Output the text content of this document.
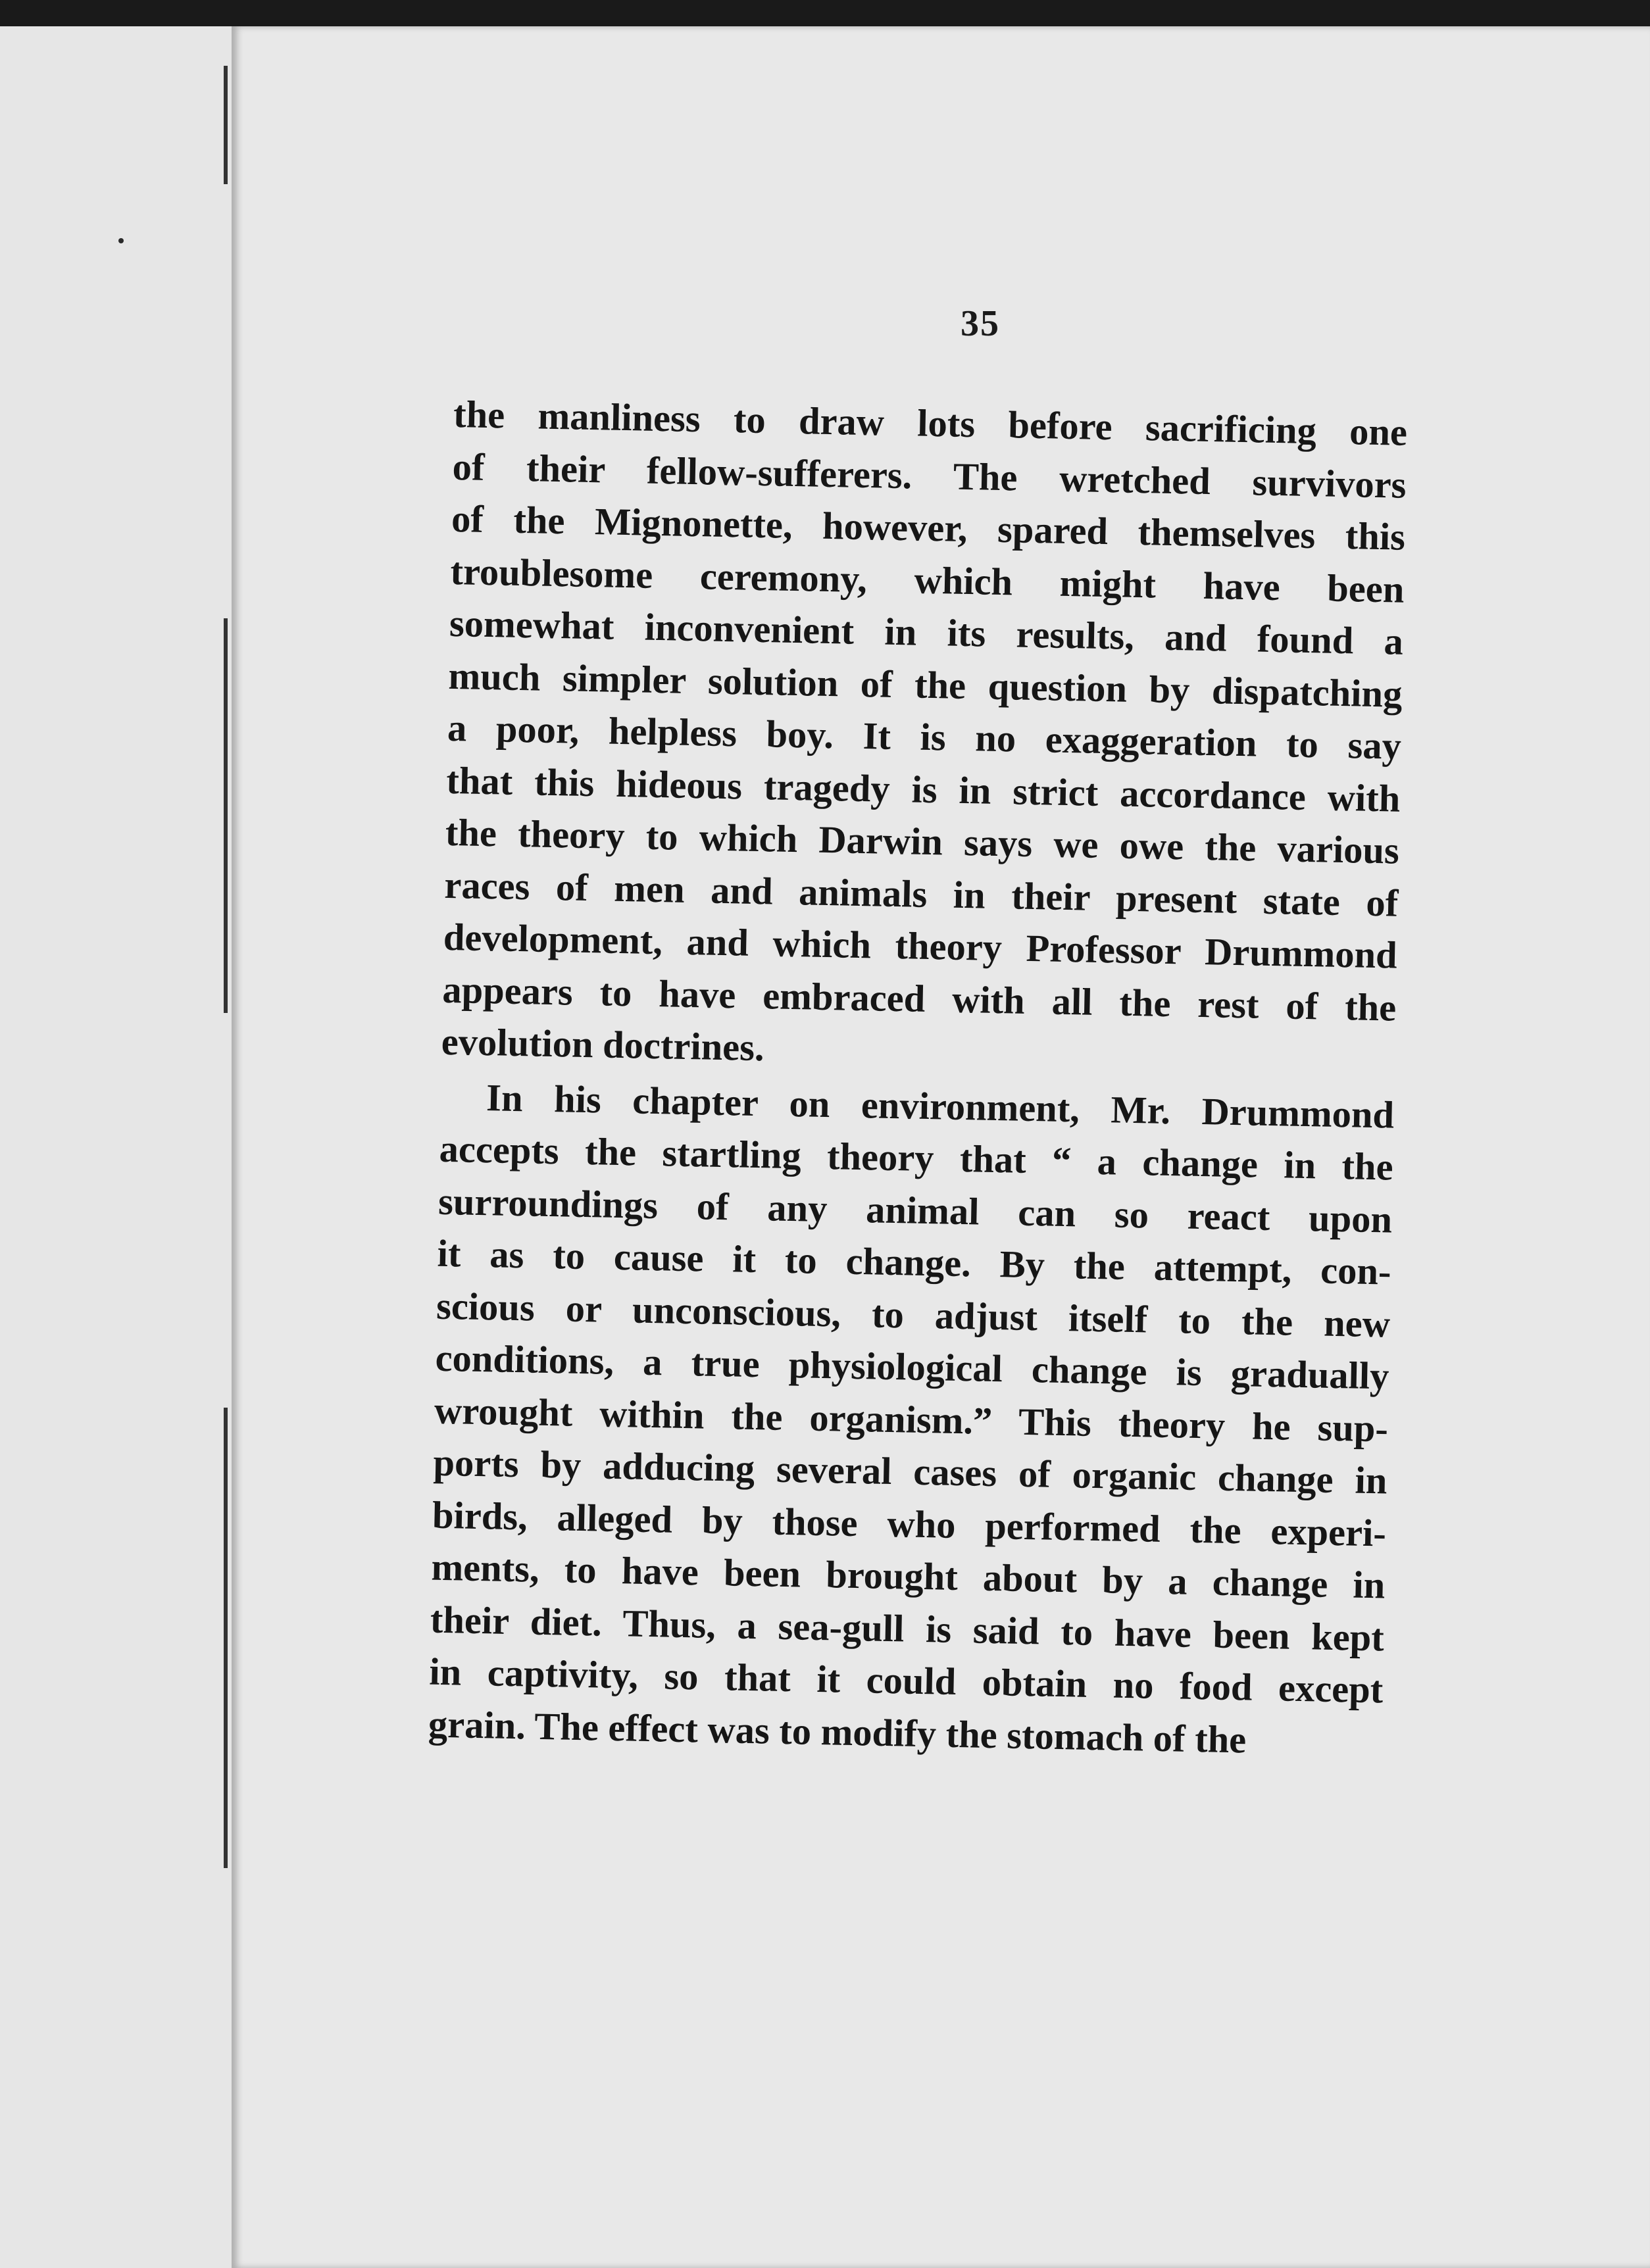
35
the manliness to draw lots before sacrificing one
of their fellow-sufferers. The wretched survivors
of the Mignonette, however, spared themselves this
troublesome ceremony, which might have been
somewhat inconvenient in its results, and found a
much simpler solution of the question by dispatching
a poor, helpless boy. It is no exaggeration to say
that this hideous tragedy is in strict accordance with
the theory to which Darwin says we owe the various
races of men and animals in their present state of
development, and which theory Professor Drummond
appears to have embraced with all the rest of the
evolution doctrines.
In his chapter on environment, Mr. Drummond
accepts the startling theory that “ a change in the
surroundings of any animal can so react upon
it as to cause it to change. By the attempt, con-
scious or unconscious, to adjust itself to the new
conditions, a true physiological change is gradually
wrought within the organism.” This theory he sup-
ports by adducing several cases of organic change in
birds, alleged by those who performed the experi-
ments, to have been brought about by a change in
their diet. Thus, a sea-gull is said to have been kept
in captivity, so that it could obtain no food except
grain. The effect was to modify the stomach of the
